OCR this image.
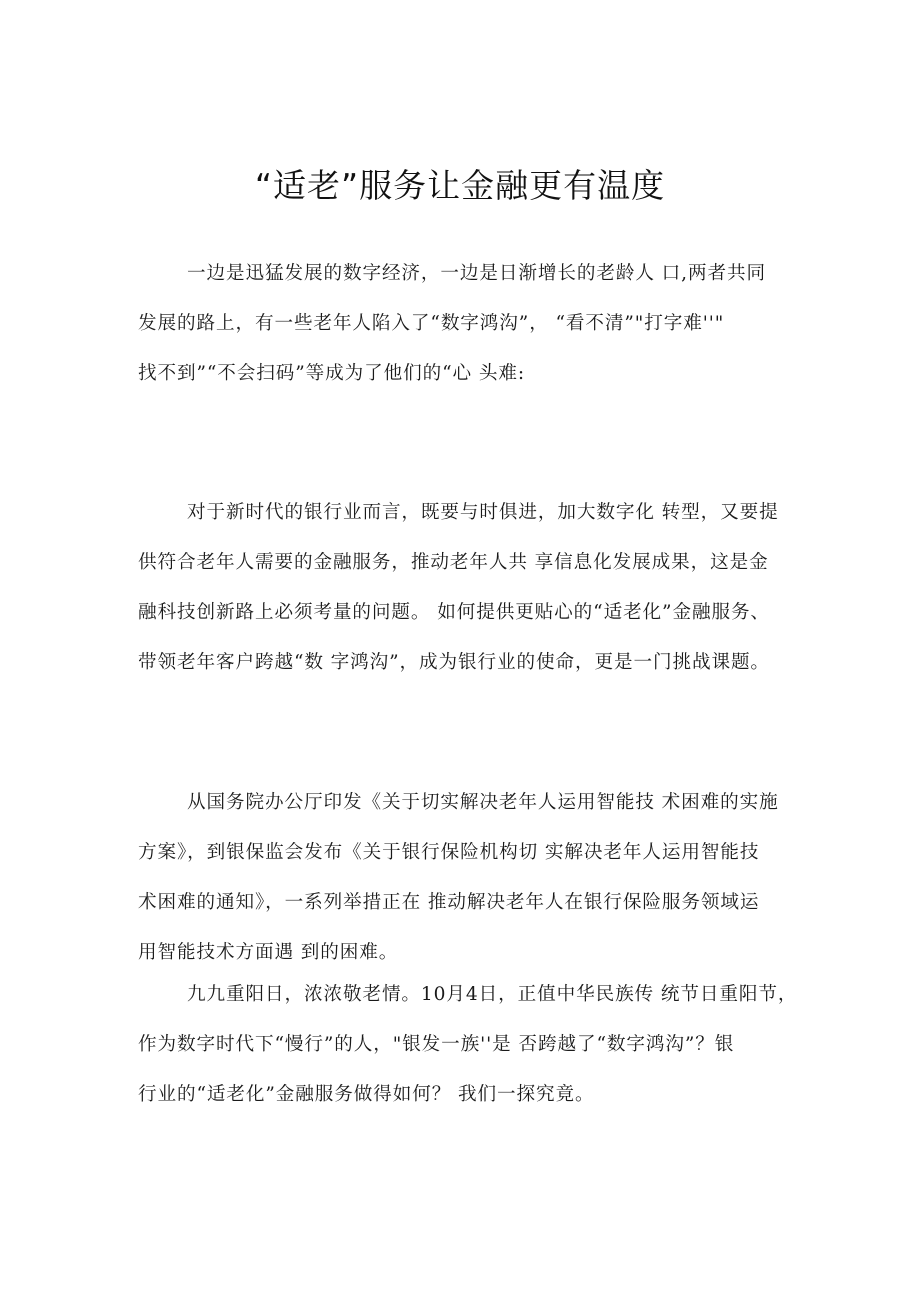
“适老”服务让金融更有温度
一边是迅猛发展的数字经济，一边是日渐增长的老龄人 口,两者共同
发展的路上，有一些老年人陷入了“数字鸿沟”， “看不清”"打字难''"
找不到”“不会扫码”等成为了他们的“心 头难:
对于新时代的银行业而言，既要与时俱进，加大数字化 转型，又要提
供符合老年人需要的金融服务，推动老年人共 享信息化发展成果，这是金
融科技创新路上必须考量的问题。 如何提供更贴心的“适老化”金融服务、
带领老年客户跨越“数 字鸿沟”，成为银行业的使命，更是一门挑战课题。
从国务院办公厅印发《关于切实解决老年人运用智能技 术困难的实施
方案》，到银保监会发布《关于银行保险机构切 实解决老年人运用智能技
术困难的通知》，一系列举措正在 推动解决老年人在银行保险服务领域运
用智能技术方面遇 到的困难。
九九重阳日，浓浓敬老情。10月4日，正值中华民族传 统节日重阳节，
作为数字时代下“慢行”的人，"银发一族''是 否跨越了“数字鸿沟”？银
行业的“适老化”金融服务做得如何？ 我们一探究竟。
